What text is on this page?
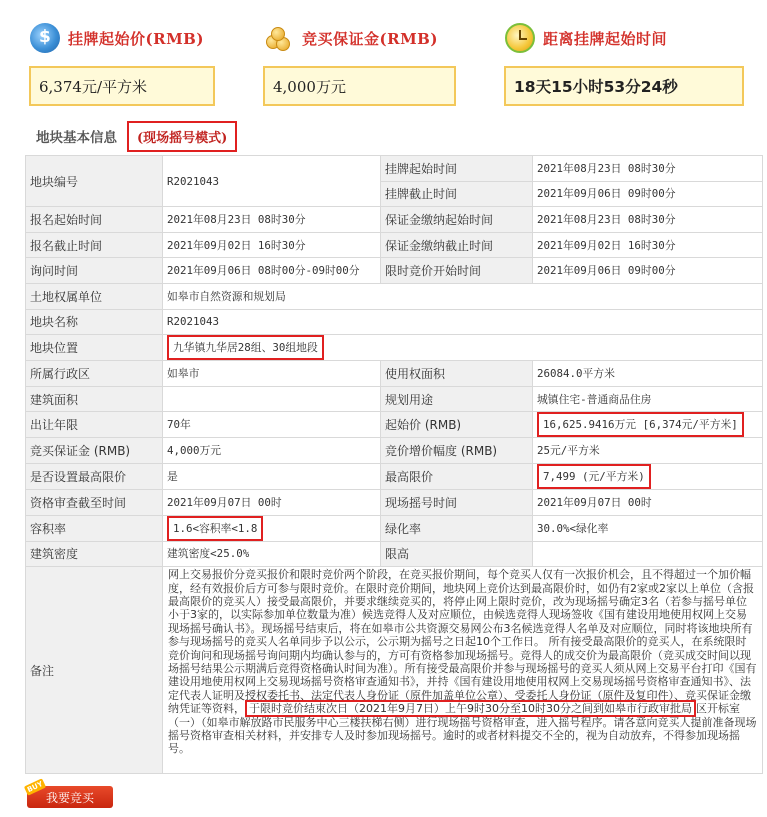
$
挂牌起始价(RMB)
6,374元/平方米
竞买保证金(RMB)
4,000万元
距离挂牌起始时间
18天15小时53分24秒
地块基本信息	(现场摇号模式)
地块编号	R2021043	挂牌起始时间	2021年08月23日 08时30分
		挂牌截止时间	2021年09月06日 09时00分
报名起始时间	2021年08月23日 08时30分	保证金缴纳起始时间	2021年08月23日 08时30分
报名截止时间	2021年09月02日 16时30分	保证金缴纳截止时间	2021年09月02日 16时30分
询问时间	2021年09月06日 08时00分-09时00分	限时竞价开始时间	2021年09月06日 09时00分
土地权属单位	如皋市自然资源和规划局		
地块名称	R2021043		
地块位置	九华镇九华居28组、30组地段		
所属行政区	如皋市	使用权面积	26084.0平方米
建筑面积		规划用途	城镇住宅-普通商品住房
出让年限	70年	起始价 (RMB)	16,625.9416万元 [6,374元/平方米]
竞买保证金 (RMB)	4,000万元	竞价增价幅度 (RMB)	25元/平方米
是否设置最高限价	是	最高限价	7,499 (元/平方米)
资格审查截至时间	2021年09月07日 00时	现场摇号时间	2021年09月07日 00时
容积率	1.6<容积率<1.8	绿化率	30.0%<绿化率
建筑密度	建筑密度<25.0%	限高	
备注	网上交易报价分竞买报价和限时竞价两个阶段，在竞买报价期间，每个竞买人仅有一次报价机会，且不得超过一个加价幅度，经有效报价后方可参与限时竞价。在限时竞价期间，地块网上竞价达到最高限价时，如仍有2家或2家以上单位（含报最高限价的竞买人）接受最高限价，并要求继续竞买的，将停止网上限时竞价，改为现场摇号确定3名（若参与摇号单位小于3家的，以实际参加单位数量为准）候选竞得人及对应顺位，由候选竞得人现场签收《国有建设用地使用权网上交易现场摇号确认书》。现场摇号结束后，将在如皋市公共资源交易网公布3名候选竞得人名单及对应顺位，同时将该地块所有参与现场摇号的竞买人名单同步予以公示，公示期为摇号之日起10个工作日。 所有接受最高限价的竞买人，在系统限时竞价询问和现场摇号询问期内均确认参与的，方可有资格参加现场摇号。竞得人的成交价为最高限价（竞买成交时间以现场摇号结果公示期满后竞得资格确认时间为准）。所有接受最高限价并参与现场摇号的竞买人须从网上交易平台打印《国有建设用地使用权网上交易现场摇号资格审查通知书》，并持《国有建设用地使用权网上交易现场摇号资格审查通知书》、法定代表人证明及授权委托书、法定代表人身份证（原件加盖单位公章）、受委托人身份证（原件及复印件）、竞买保证金缴纳凭证等资料， 于限时竞价结束次日（2021年9月7日）上午9时30分至10时30分之间到如皋市行政审批局 区开标室（一）（如皋市解放路市民服务中心三楼扶梯右侧）进行现场摇号资格审查，进入摇号程序。请各意向竞买人提前准备现场摇号资格审查相关材料，并安排专人及时参加现场摇号。逾时的或者材料提交不全的，视为自动放弃，不得参加现场摇号。		
BUY 我要竞买
